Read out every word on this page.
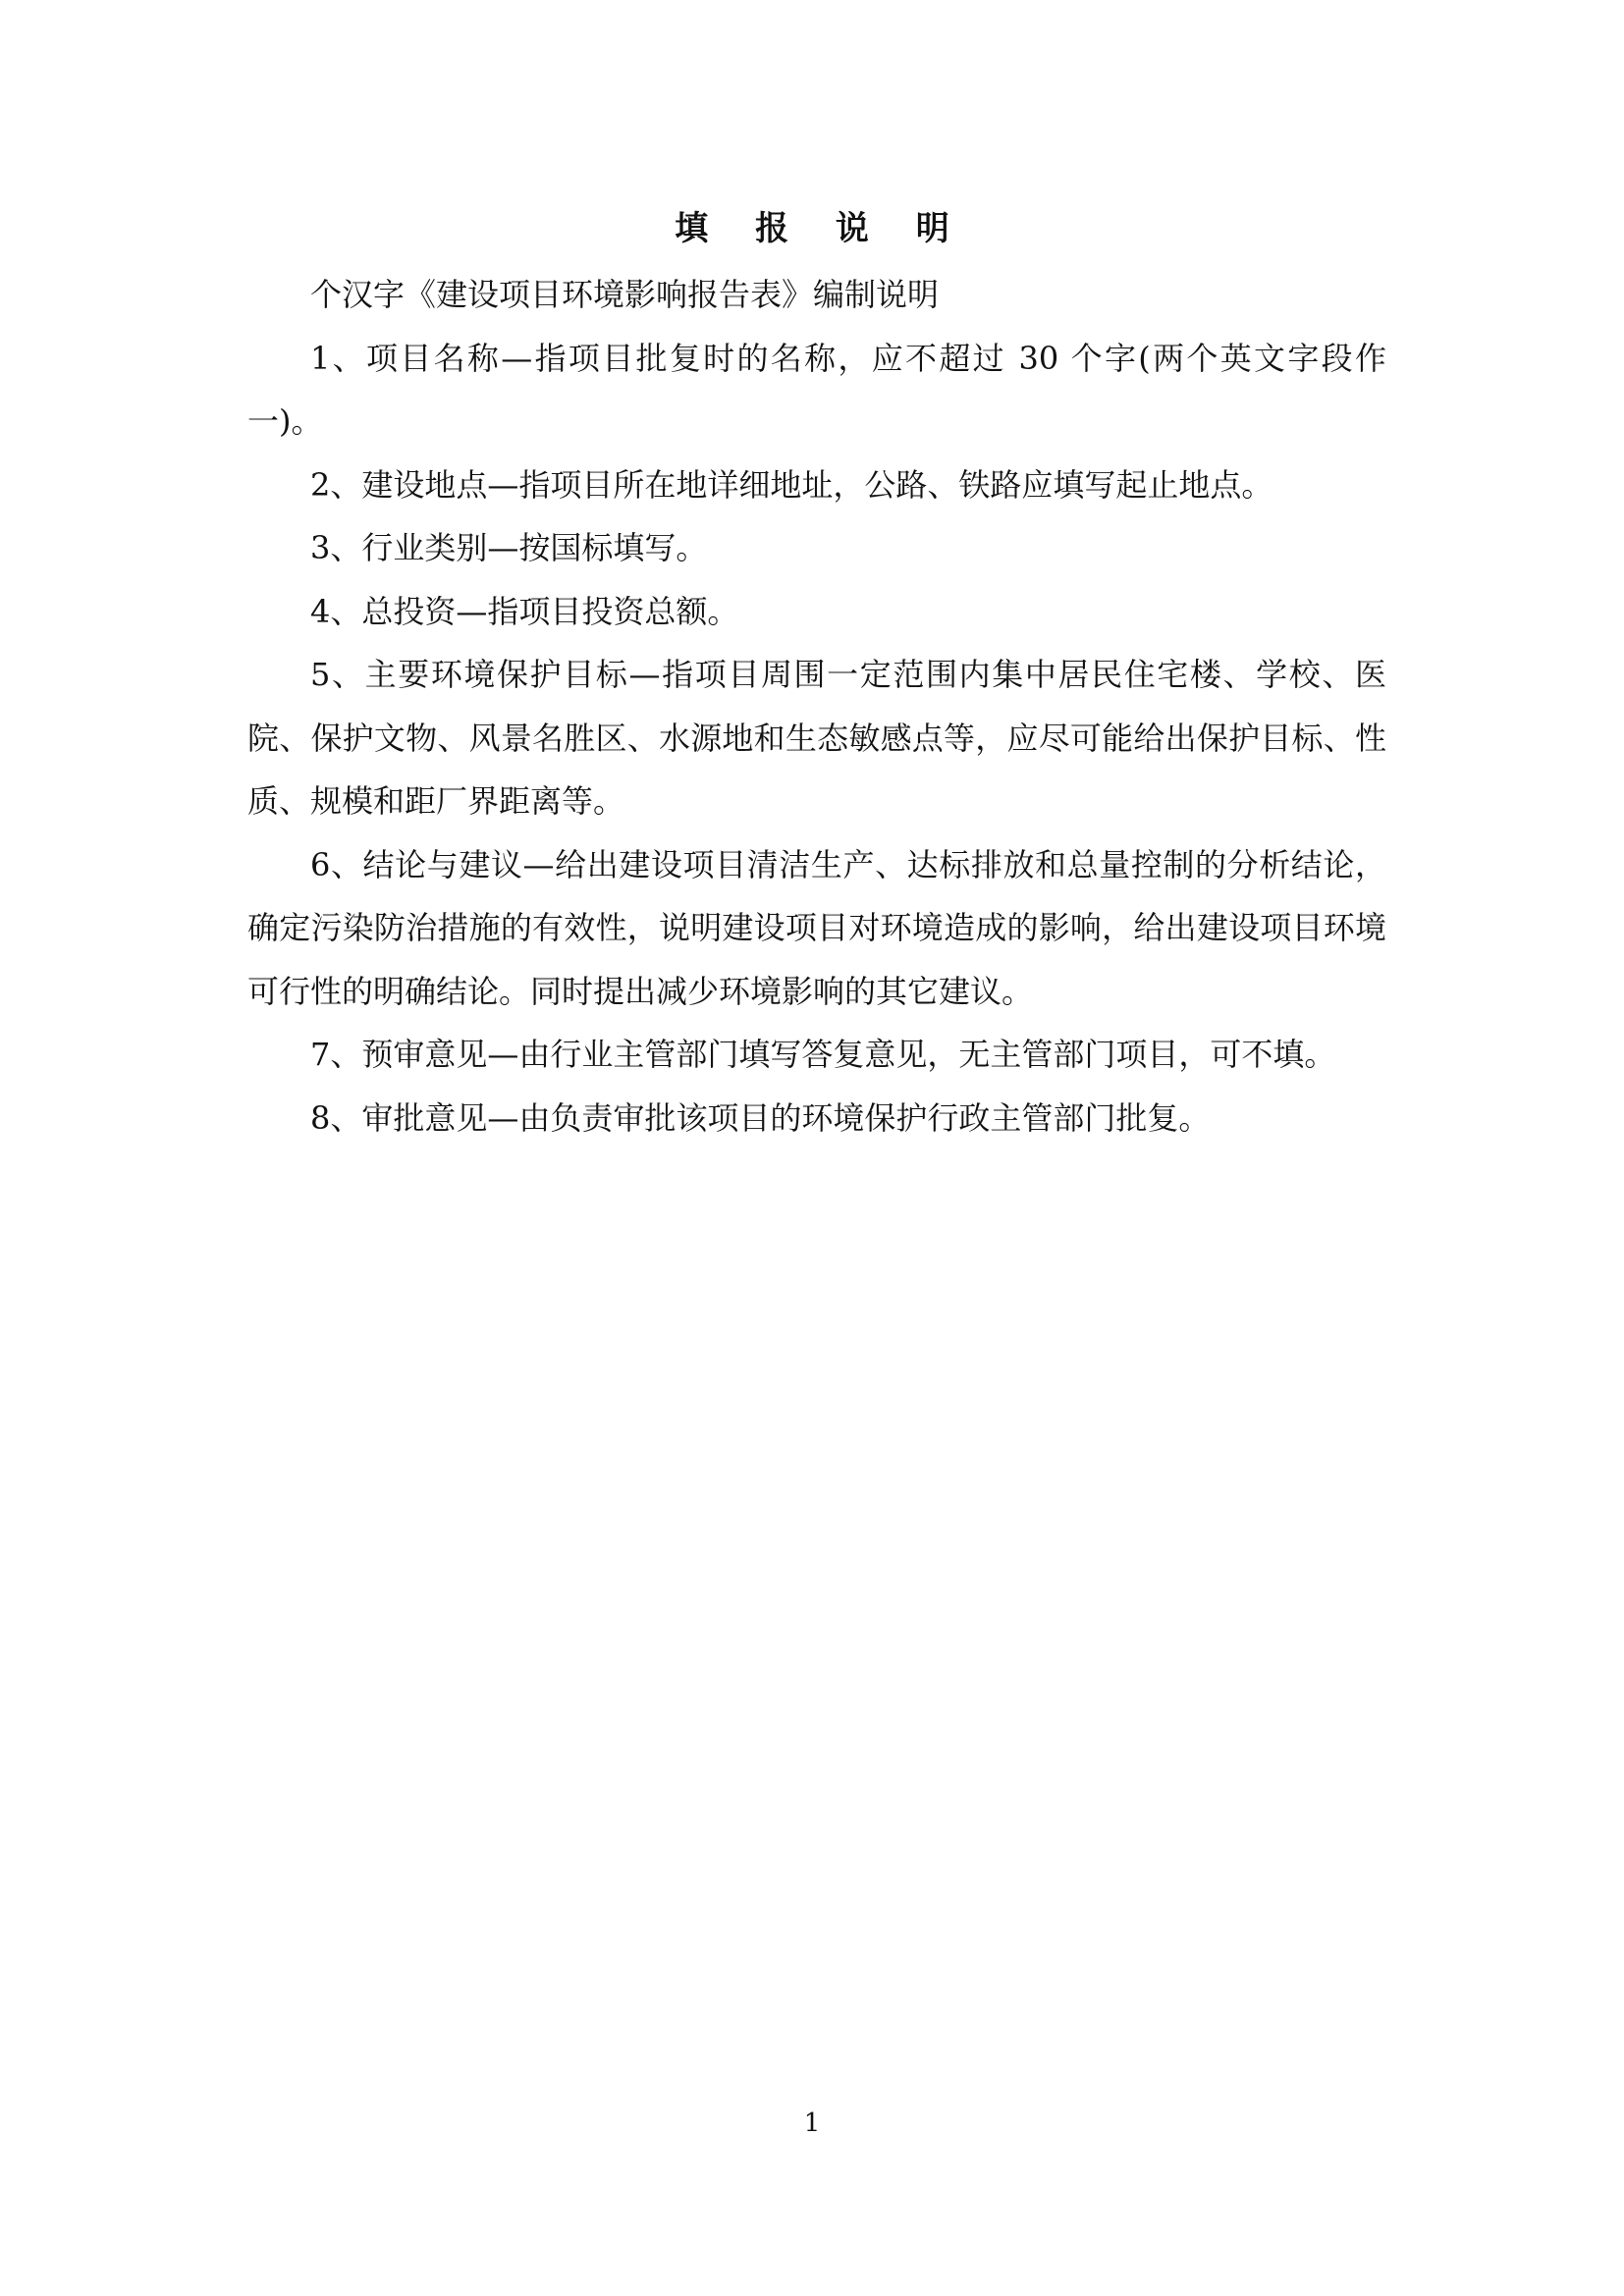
填 报 说 明

个汉字《建设项目环境影响报告表》编制说明

1、项目名称—指项目批复时的名称，应不超过 30 个字(两个英文字段作一)。

2、建设地点—指项目所在地详细地址，公路、铁路应填写起止地点。

3、行业类别—按国标填写。

4、总投资—指项目投资总额。

5、主要环境保护目标—指项目周围一定范围内集中居民住宅楼、学校、医院、保护文物、风景名胜区、水源地和生态敏感点等，应尽可能给出保护目标、性质、规模和距厂界距离等。

6、结论与建议—给出建设项目清洁生产、达标排放和总量控制的分析结论，确定污染防治措施的有效性，说明建设项目对环境造成的影响，给出建设项目环境可行性的明确结论。同时提出减少环境影响的其它建议。

7、预审意见—由行业主管部门填写答复意见，无主管部门项目，可不填。

8、审批意见—由负责审批该项目的环境保护行政主管部门批复。

1
